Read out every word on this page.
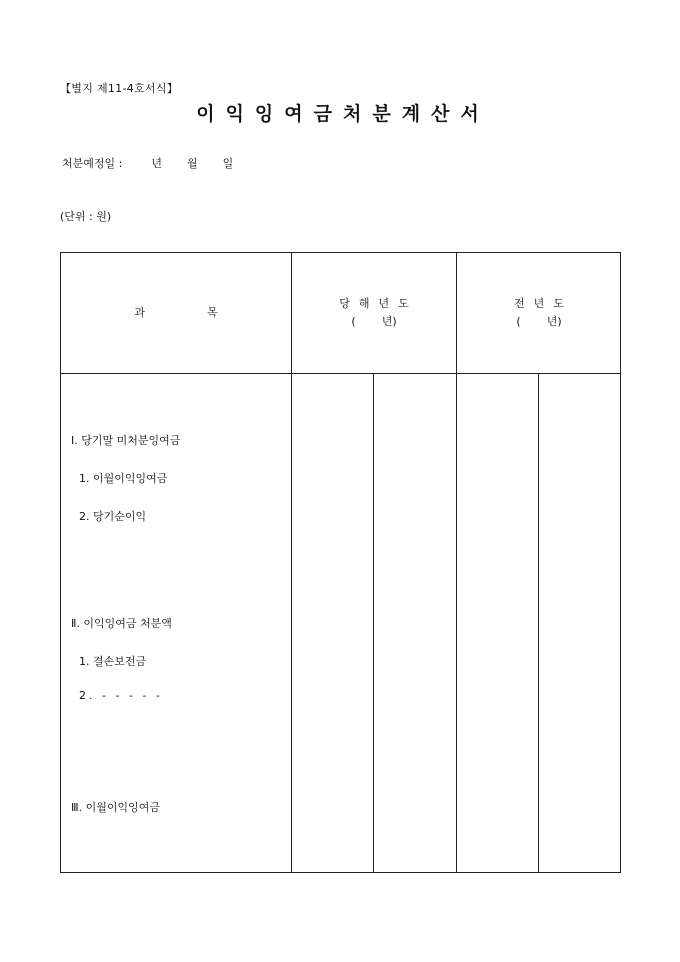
【별지 제11-4호서식】
이익잉여금처분계산서
처분예정일 :	년 월 일
(단위 : 원)
과	목
당해년도
( 년)
전년도
( 년)
Ⅰ. 당기말 미처분잉여금
1. 이월이익잉여금
2. 당기순이익
Ⅱ. 이익잉여금 처분액
1. 결손보전금
2. - - - - -
Ⅲ. 이월이익잉여금
